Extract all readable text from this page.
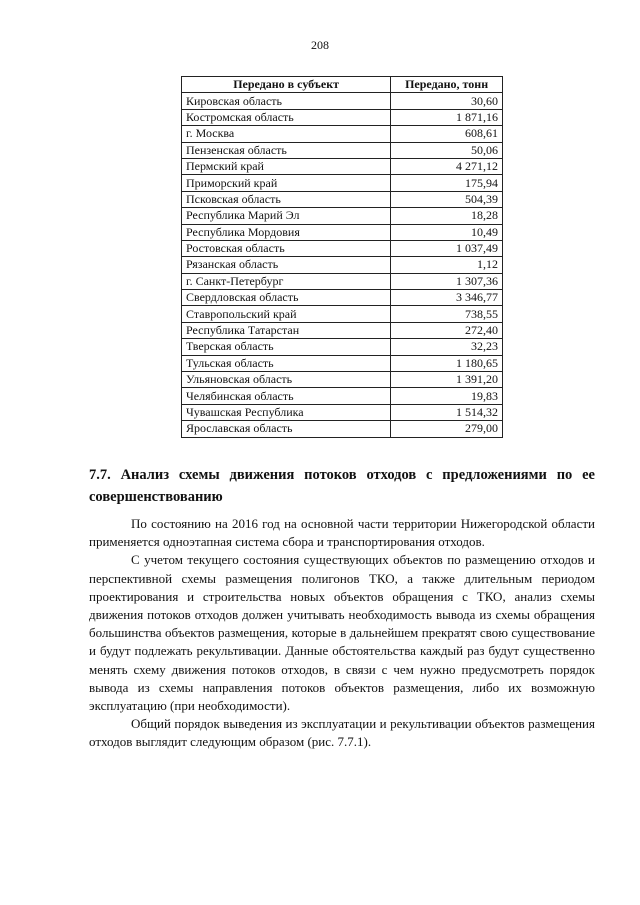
208
Передано в субъект	Передано, тонн
Кировская область	30,60
Костромская область	1 871,16
г. Москва	608,61
Пензенская область	50,06
Пермский край	4 271,12
Приморский край	175,94
Псковская область	504,39
Республика Марий Эл	18,28
Республика Мордовия	10,49
Ростовская область	1 037,49
Рязанская область	1,12
г. Санкт-Петербург	1 307,36
Свердловская область	3 346,77
Ставропольский край	738,55
Республика Татарстан	272,40
Тверская область	32,23
Тульская область	1 180,65
Ульяновская область	1 391,20
Челябинская область	19,83
Чувашская Республика	1 514,32
Ярославская область	279,00
7.7. Анализ схемы движения потоков отходов с предложениями по ее совершенствованию

По состоянию на 2016 год на основной части территории Нижегородской области применяется одноэтапная система сбора и транспортирования отходов.

С учетом текущего состояния существующих объектов по размещению отходов и перспективной схемы размещения полигонов ТКО, а также длительным периодом проектирования и строительства новых объектов обращения с ТКО, анализ схемы движения потоков отходов должен учитывать необходимость вывода из схемы обращения большинства объектов размещения, которые в дальнейшем прекратят свою существование и будут подлежать рекультивации. Данные обстоятельства каждый раз будут существенно менять схему движения потоков отходов, в связи с чем нужно предусмотреть порядок вывода из схемы направления потоков объектов размещения, либо их возможную эксплуатацию (при необходимости).

Общий порядок выведения из эксплуатации и рекультивации объектов размещения отходов выглядит следующим образом (рис. 7.7.1).
